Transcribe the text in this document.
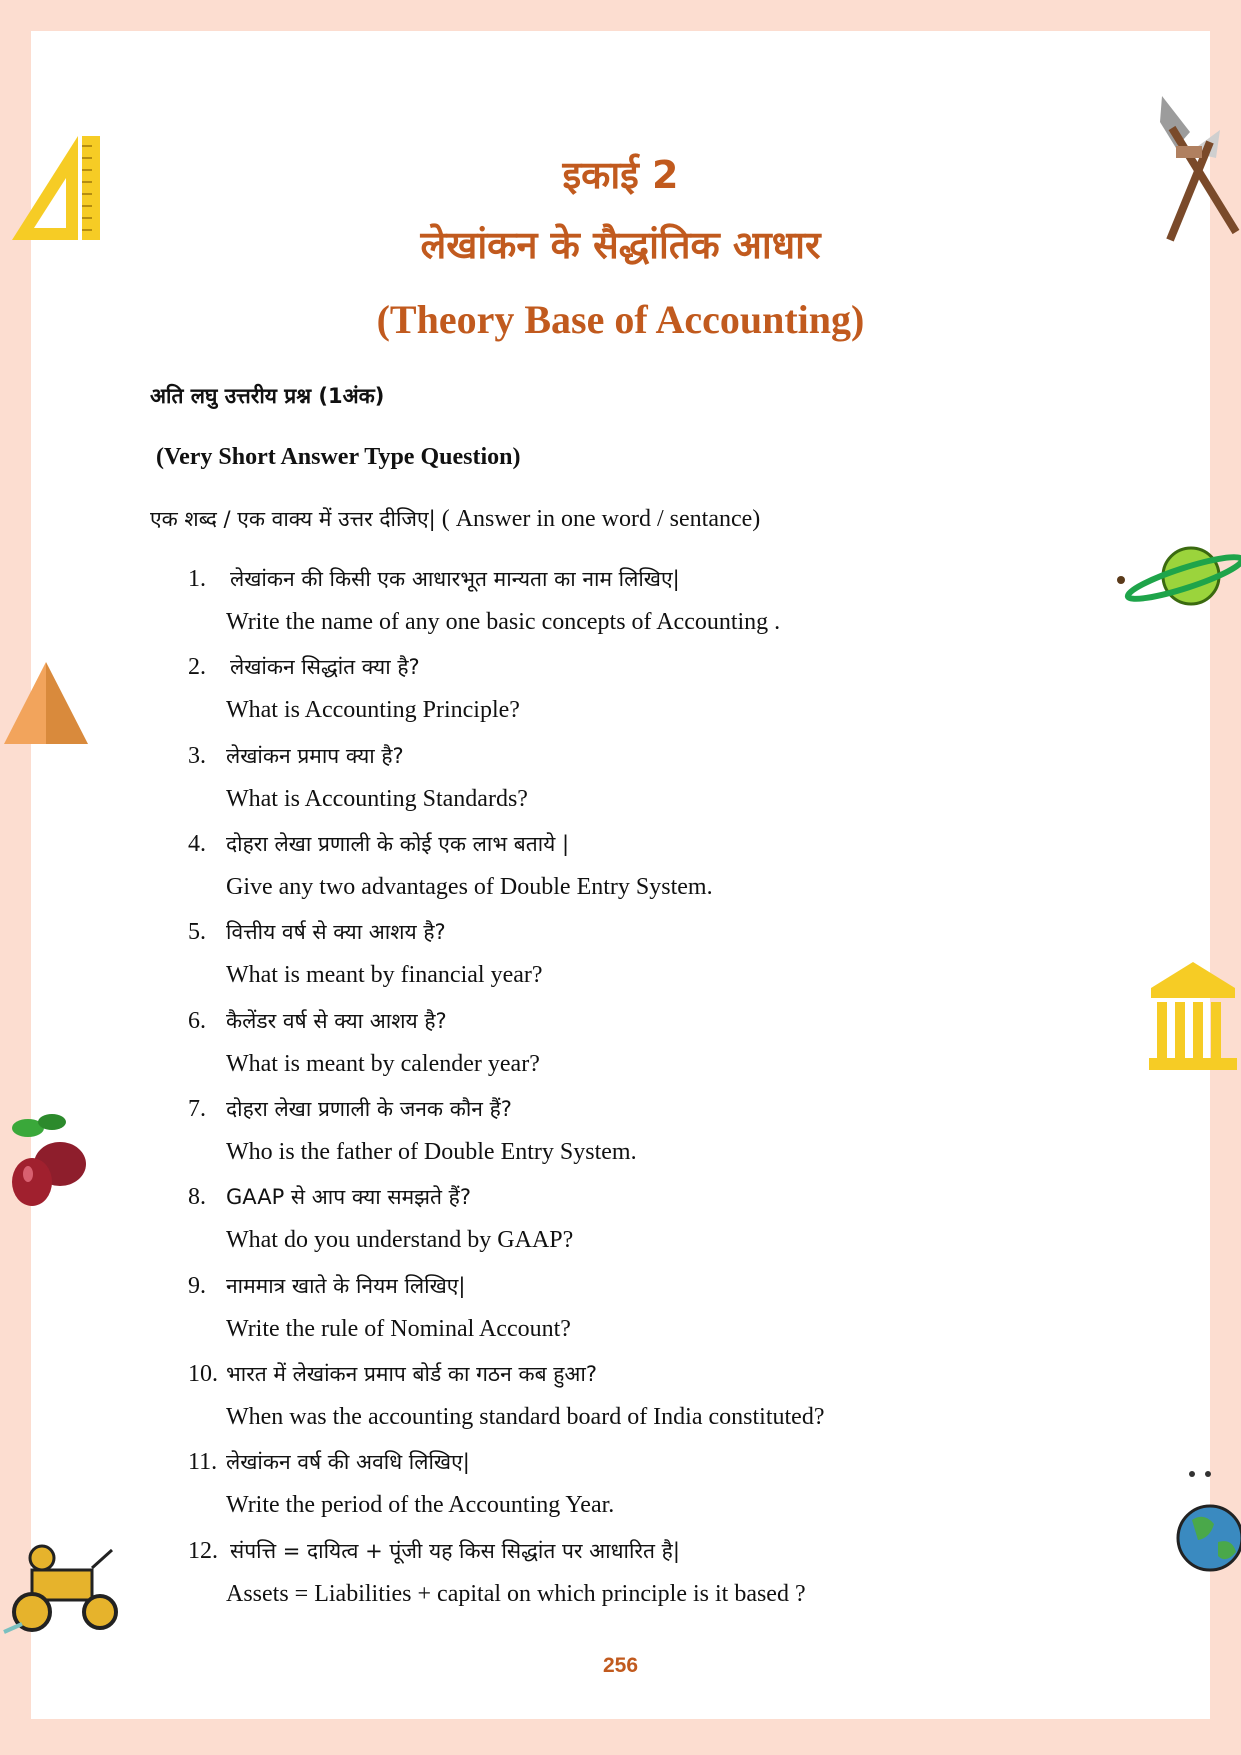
इकाई 2
लेखांकन के सैद्धांतिक आधार
(Theory Base of Accounting)
अति लघु उत्तरीय प्रश्न (1अंक)
(Very Short Answer Type Question)
एक शब्द / एक वाक्य में उत्तर दीजिए| ( Answer in one word / sentance)
1. लेखांकन की किसी एक आधारभूत मान्यता का नाम लिखिए|
Write the name of any one basic concepts of Accounting .
2. लेखांकन सिद्धांत क्या है?
What is Accounting Principle?
3. लेखांकन प्रमाप क्या है?
What is Accounting Standards?
4. दोहरा लेखा प्रणाली के कोई एक लाभ बताये |
Give any two advantages of Double Entry System.
5. वित्तीय वर्ष से क्या आशय है?
What is meant by financial year?
6. कैलेंडर वर्ष से क्या आशय है?
What is meant by calender year?
7. दोहरा लेखा प्रणाली के जनक कौन हैं?
Who is the father of Double Entry System.
8. GAAP से आप क्या समझते हैं?
What do you understand by GAAP?
9. नाममात्र खाते के नियम लिखिए|
Write the rule of Nominal Account?
10. भारत में लेखांकन प्रमाप बोर्ड का गठन कब हुआ?
When was the accounting standard board of India constituted?
11. लेखांकन वर्ष की अवधि लिखिए|
Write the period of the Accounting Year.
12. संपत्ति = दायित्व + पूंजी यह किस सिद्धांत पर आधारित है|
Assets = Liabilities + capital on which principle is it based ?
256
